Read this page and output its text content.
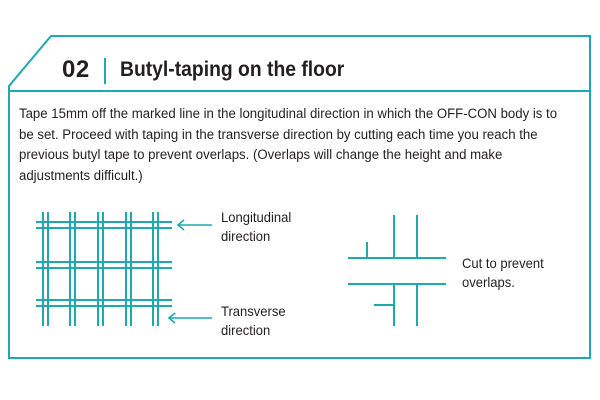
02 Butyl-taping on the floor
Tape 15mm off the marked line in the longitudinal direction in which the OFF-CON body is to be set. Proceed with taping in the transverse direction by cutting each time you reach the previous butyl tape to prevent overlaps. (Overlaps will change the height and make adjustments difficult.)
Longitudinal
direction
Transverse
direction
Cut to prevent
overlaps.
